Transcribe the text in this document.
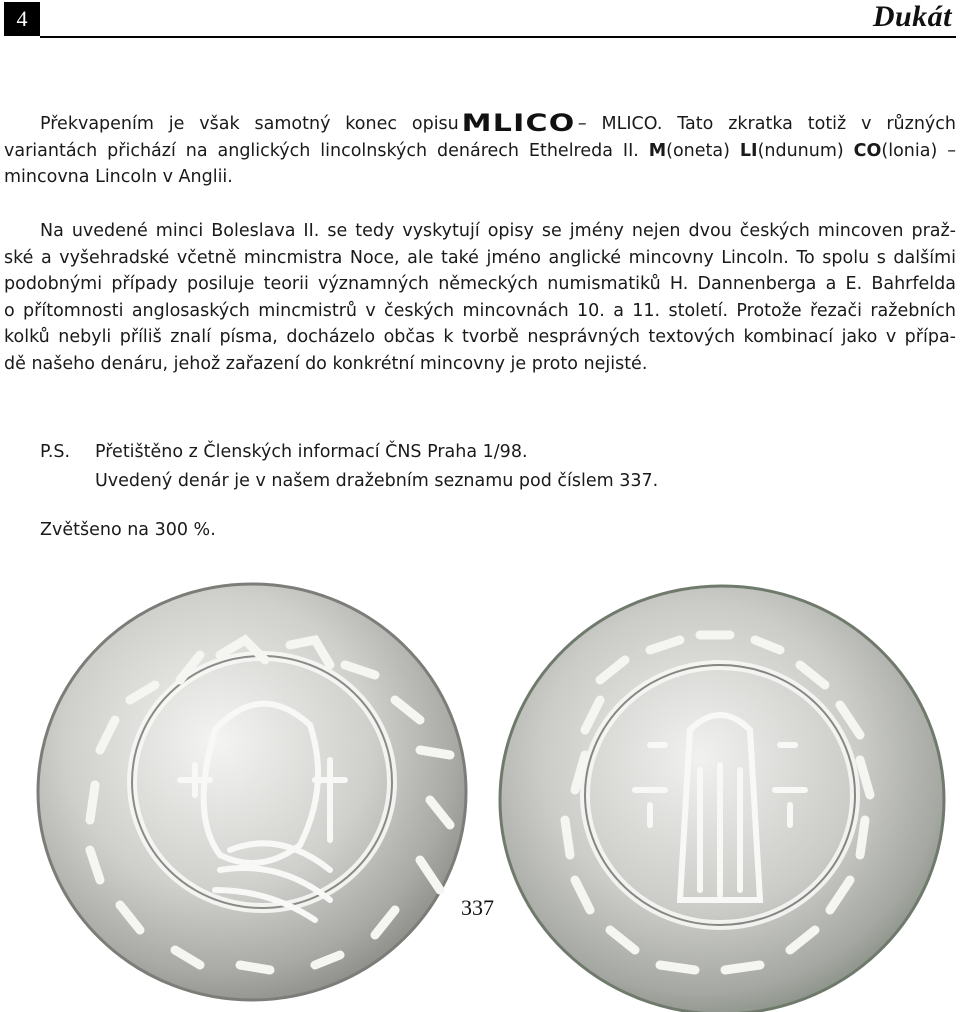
4	Dukát
Překvapením je však samotný konec opisu MLICO – MLICO. Tato zkratka totiž v různých
variantách přichází na anglických lincolnských denárech Ethelreda II. M(oneta) LI(ndunum) CO(lonia) –
mincovna Lincoln v Anglii.
Na uvedené minci Boleslava II. se tedy vyskytují opisy se jmény nejen dvou českých mincoven praž-
ské a vyšehradské včetně mincmistra Noce, ale také jméno anglické mincovny Lincoln. To spolu s dalšími
podobnými případy posiluje teorii významných německých numismatiků H. Dannenberga a E. Bahrfelda
o přítomnosti anglosaských mincmistrů v českých mincovnách 10. a 11. století. Protože řezači ražebních
kolků nebyli příliš znalí písma, docházelo občas k tvorbě nesprávných textových kombinací jako v přípa-
dě našeho denáru, jehož zařazení do konkrétní mincovny je proto nejisté.
P.S. Přetištěno z Členských informací ČNS Praha 1/98.
Uvedený denár je v našem dražebním seznamu pod číslem 337.
Zvětšeno na 300 %.
337
